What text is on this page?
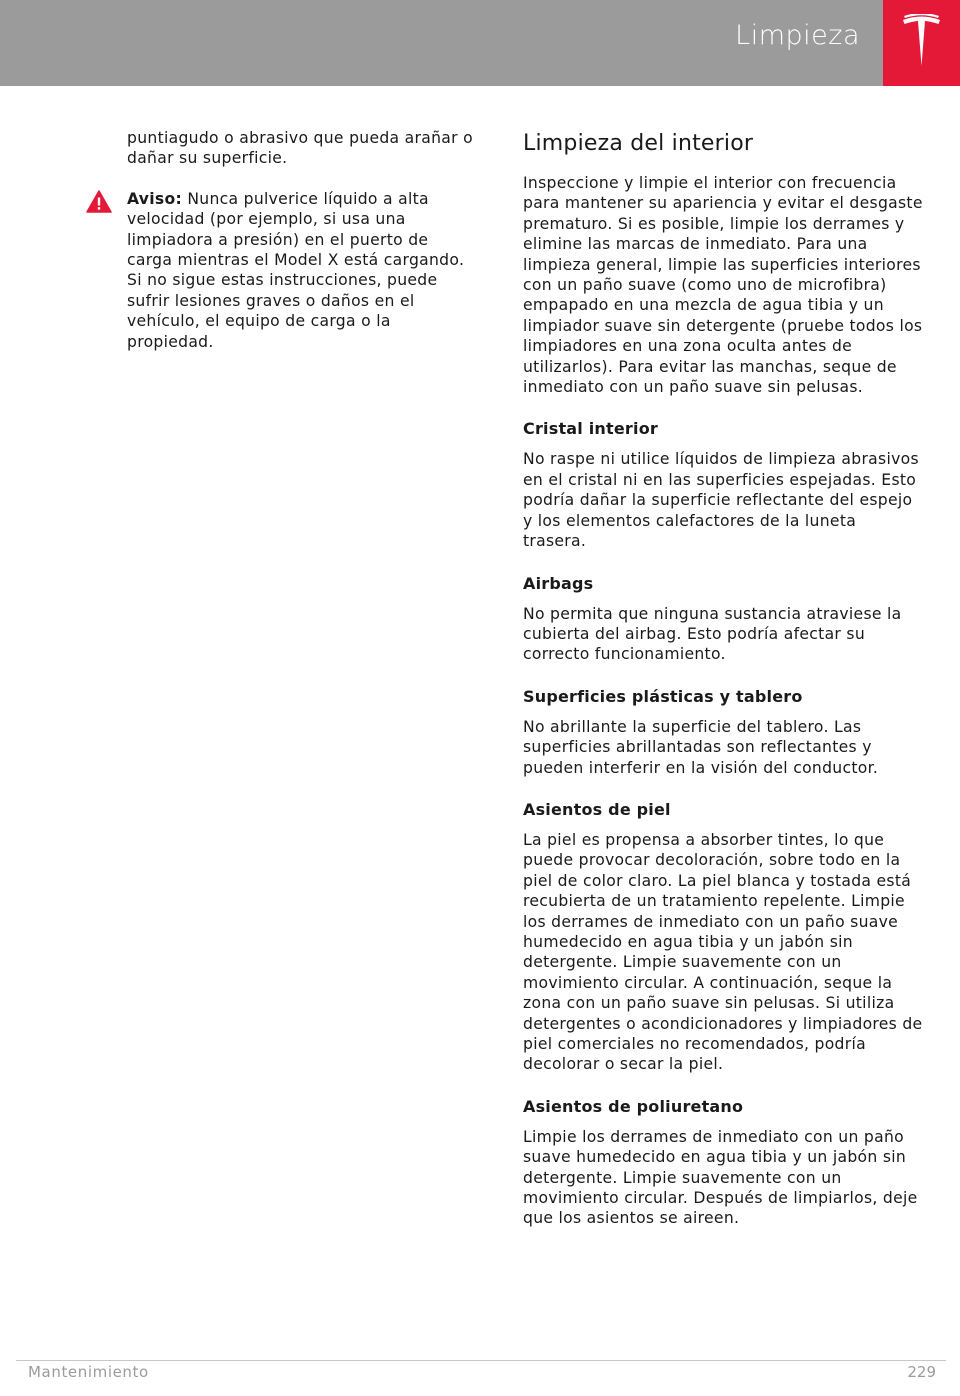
Limpieza

puntiagudo o abrasivo que pueda arañar o dañar su superficie.

Aviso: Nunca pulverice líquido a alta velocidad (por ejemplo, si usa una limpiadora a presión) en el puerto de carga mientras el Model X está cargando. Si no sigue estas instrucciones, puede sufrir lesiones graves o daños en el vehículo, el equipo de carga o la propiedad.

Limpieza del interior

Inspeccione y limpie el interior con frecuencia para mantener su apariencia y evitar el desgaste prematuro. Si es posible, limpie los derrames y elimine las marcas de inmediato. Para una limpieza general, limpie las superficies interiores con un paño suave (como uno de microfibra) empapado en una mezcla de agua tibia y un limpiador suave sin detergente (pruebe todos los limpiadores en una zona oculta antes de utilizarlos). Para evitar las manchas, seque de inmediato con un paño suave sin pelusas.

Cristal interior

No raspe ni utilice líquidos de limpieza abrasivos en el cristal ni en las superficies espejadas. Esto podría dañar la superficie reflectante del espejo y los elementos calefactores de la luneta trasera.

Airbags

No permita que ninguna sustancia atraviese la cubierta del airbag. Esto podría afectar su correcto funcionamiento.

Superficies plásticas y tablero

No abrillante la superficie del tablero. Las superficies abrillantadas son reflectantes y pueden interferir en la visión del conductor.

Asientos de piel

La piel es propensa a absorber tintes, lo que puede provocar decoloración, sobre todo en la piel de color claro. La piel blanca y tostada está recubierta de un tratamiento repelente. Limpie los derrames de inmediato con un paño suave humedecido en agua tibia y un jabón sin detergente. Limpie suavemente con un movimiento circular. A continuación, seque la zona con un paño suave sin pelusas. Si utiliza detergentes o acondicionadores y limpiadores de piel comerciales no recomendados, podría decolorar o secar la piel.

Asientos de poliuretano

Limpie los derrames de inmediato con un paño suave humedecido en agua tibia y un jabón sin detergente. Limpie suavemente con un movimiento circular. Después de limpiarlos, deje que los asientos se aireen.

Mantenimiento	229
